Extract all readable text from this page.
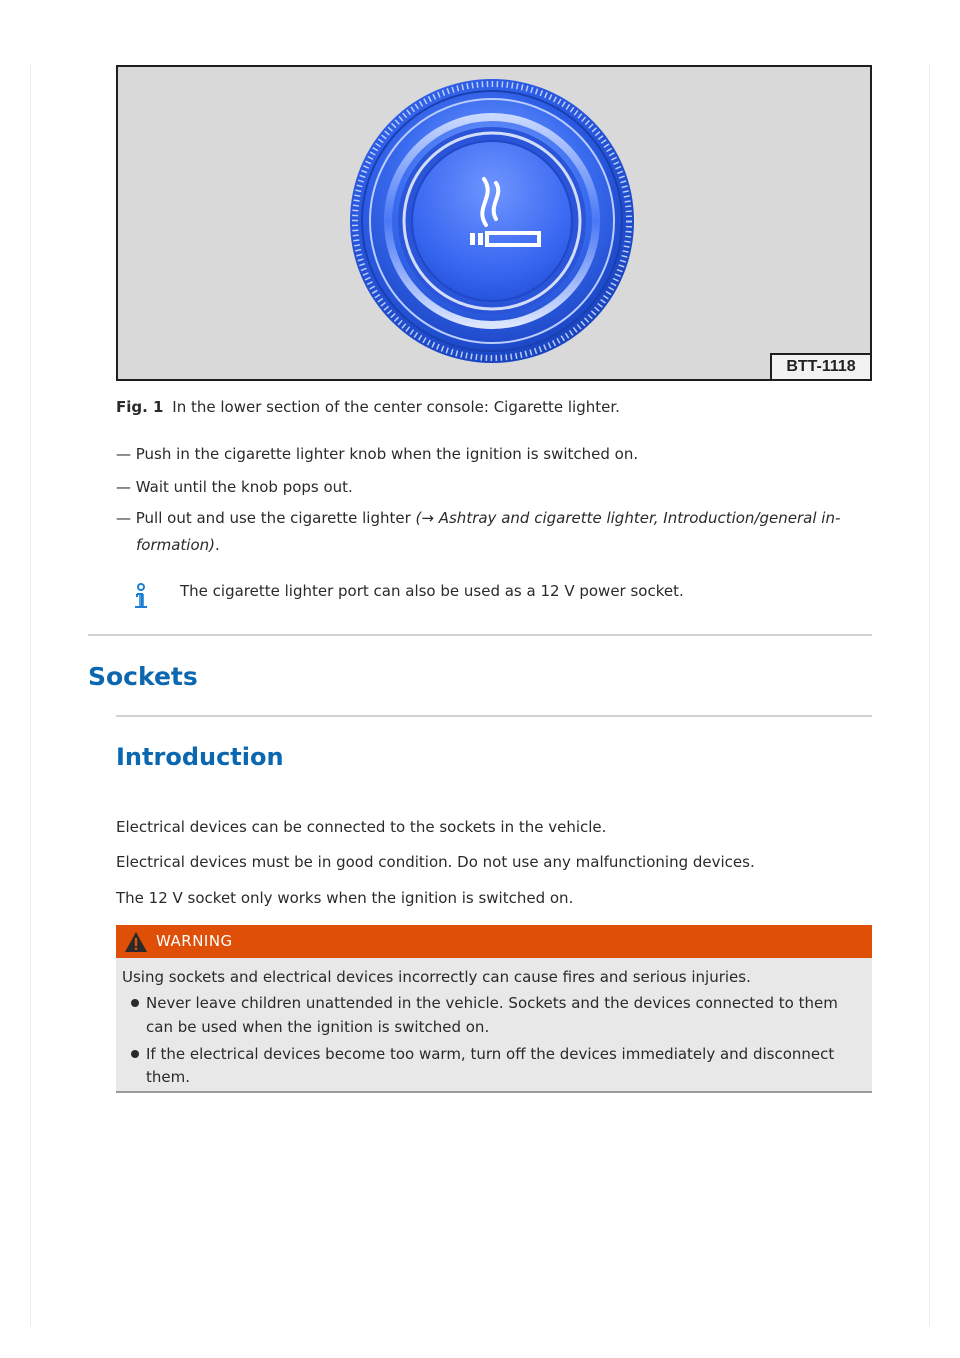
BTT-1118
Fig. 1 In the lower section of the center console: Cigarette lighter.
— Push in the cigarette lighter knob when the ignition is switched on.
— Wait until the knob pops out.
— Pull out and use the cigarette lighter (→ Ashtray and cigarette lighter, Introduction/general in-
formation).
The cigarette lighter port can also be used as a 12 V power socket.
Sockets
Introduction
Electrical devices can be connected to the sockets in the vehicle.
Electrical devices must be in good condition. Do not use any malfunctioning devices.
The 12 V socket only works when the ignition is switched on.
WARNING
Using sockets and electrical devices incorrectly can cause fires and serious injuries.
Never leave children unattended in the vehicle. Sockets and the devices connected to them
can be used when the ignition is switched on.
If the electrical devices become too warm, turn off the devices immediately and disconnect
them.
